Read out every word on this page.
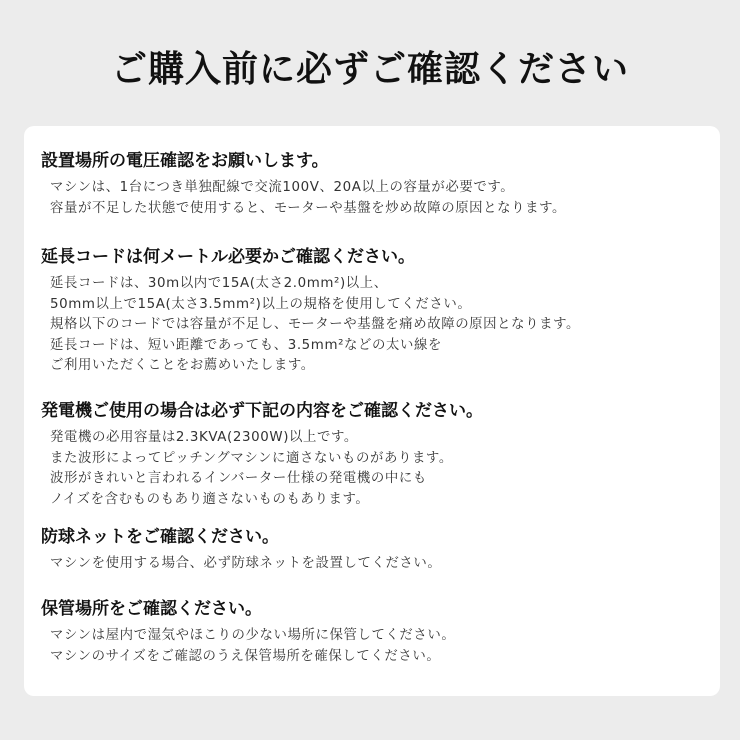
ご購入前に必ずご確認ください
設置場所の電圧確認をお願いします。
マシンは、1台につき単独配線で交流100V、20A以上の容量が必要です。
容量が不足した状態で使用すると、モーターや基盤を炒め故障の原因となります。
延長コードは何メートル必要かご確認ください。
延長コードは、30m以内で15A(太さ2.0mm²)以上、
50mm以上で15A(太さ3.5mm²)以上の規格を使用してください。
規格以下のコードでは容量が不足し、モーターや基盤を痛め故障の原因となります。
延長コードは、短い距離であっても、3.5mm²などの太い線を
ご利用いただくことをお薦めいたします。
発電機ご使用の場合は必ず下記の内容をご確認ください。
発電機の必用容量は2.3KVA(2300W)以上です。
また波形によってピッチングマシンに適さないものがあります。
波形がきれいと言われるインバーター仕様の発電機の中にも
ノイズを含むものもあり適さないものもあります。
防球ネットをご確認ください。
マシンを使用する場合、必ず防球ネットを設置してください。
保管場所をご確認ください。
マシンは屋内で湿気やほこりの少ない場所に保管してください。
マシンのサイズをご確認のうえ保管場所を確保してください。
